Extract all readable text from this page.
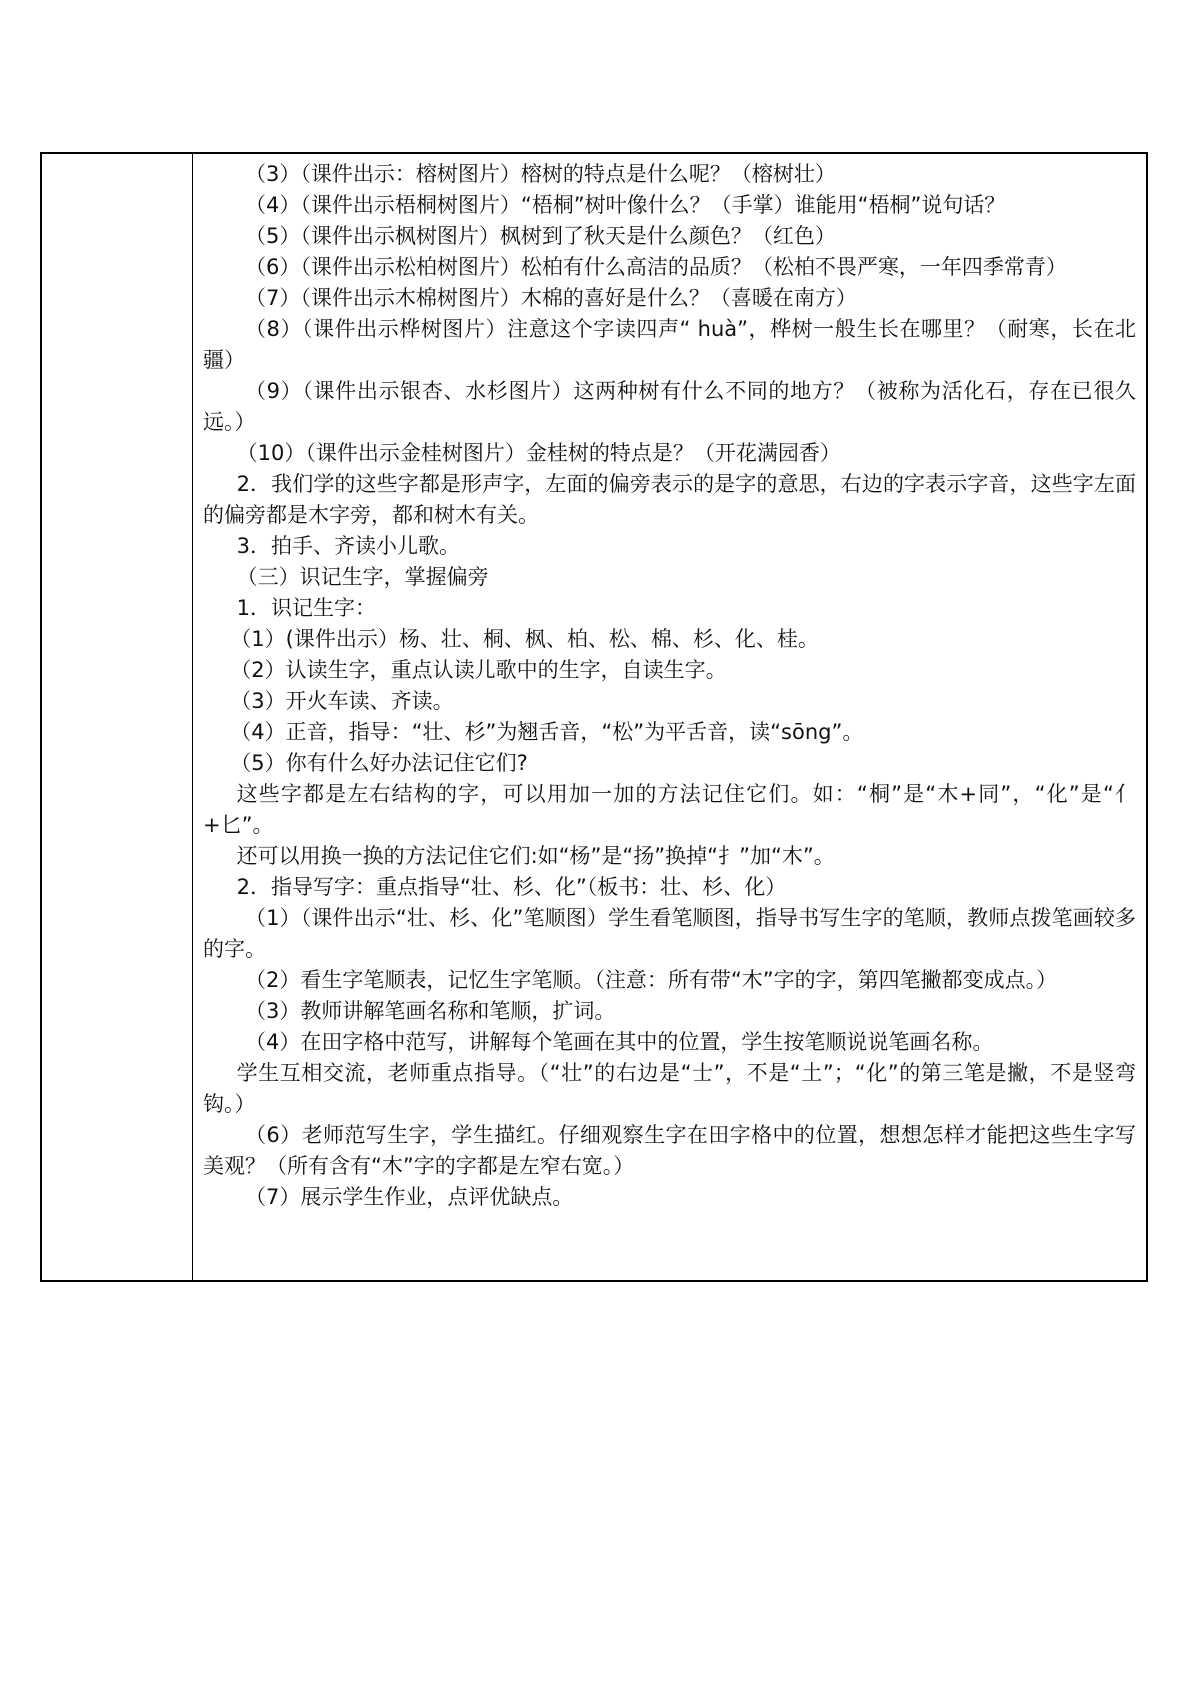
（3）（课件出示：榕树图片）榕树的特点是什么呢？（榕树壮）

（4）（课件出示梧桐树图片）“梧桐”树叶像什么？（手掌）谁能用“梧桐”说句话？

（5）（课件出示枫树图片）枫树到了秋天是什么颜色？（红色）

（6）（课件出示松柏树图片）松柏有什么高洁的品质？（松柏不畏严寒，一年四季常青）

（7）（课件出示木棉树图片）木棉的喜好是什么？（喜暖在南方）

（8）（课件出示桦树图片）注意这个字读四声“ huà”，桦树一般生长在哪里？（耐寒，长在北疆）

（9）（课件出示银杏、水杉图片）这两种树有什么不同的地方？（被称为活化石，存在已很久远。）

（10）（课件出示金桂树图片）金桂树的特点是？（开花满园香）

2．我们学的这些字都是形声字，左面的偏旁表示的是字的意思，右边的字表示字音，这些字左面的偏旁都是木字旁，都和树木有关。

3．拍手、齐读小儿歌。

（三）识记生字，掌握偏旁

1．识记生字：

（1）(课件出示）杨、壮、桐、枫、柏、松、棉、杉、化、桂。

（2）认读生字，重点认读儿歌中的生字，自读生字。

（3）开火车读、齐读。

（4）正音，指导：“壮、杉”为翘舌音，“松”为平舌音，读“sōng”。

（5）你有什么好办法记住它们?

这些字都是左右结构的字，可以用加一加的方法记住它们。如：“桐”是“木+同”，“化”是“亻+匕”。

还可以用换一换的方法记住它们:如“杨”是“扬”换掉“扌”加“木”。

2．指导写字：重点指导“壮、杉、化”（板书：壮、杉、化）

（1）（课件出示“壮、杉、化”笔顺图）学生看笔顺图，指导书写生字的笔顺，教师点拨笔画较多的字。

（2）看生字笔顺表，记忆生字笔顺。（注意：所有带“木”字的字，第四笔撇都变成点。）

（3）教师讲解笔画名称和笔顺，扩词。

（4）在田字格中范写，讲解每个笔画在其中的位置，学生按笔顺说说笔画名称。

学生互相交流，老师重点指导。（“壮”的右边是“士”，不是“土”；“化”的第三笔是撇，不是竖弯钩。）

（6）老师范写生字，学生描红。仔细观察生字在田字格中的位置，想想怎样才能把这些生字写美观？（所有含有“木”字的字都是左窄右宽。）

（7）展示学生作业，点评优缺点。
